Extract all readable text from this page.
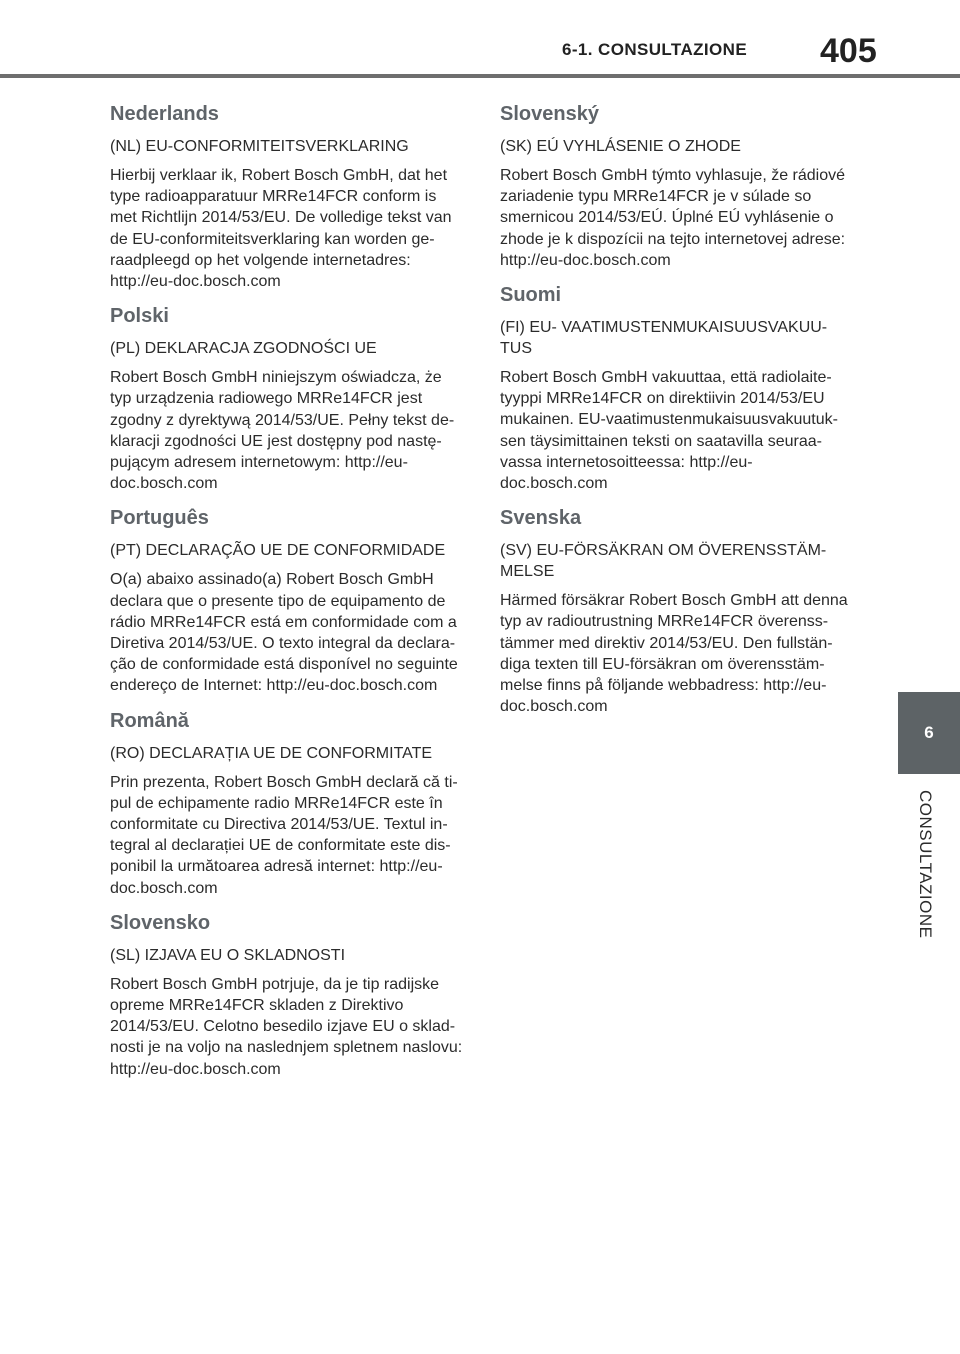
6-1. CONSULTAZIONE 405
Nederlands

(NL) EU-CONFORMITEITSVERKLARING

Hierbij verklaar ik, Robert Bosch GmbH, dat het
type radioapparatuur MRRe14FCR conform is
met Richtlijn 2014/53/EU. De volledige tekst van
de EU-conformiteitsverklaring kan worden ge-
raadpleegd op het volgende internetadres:
http://eu-doc.bosch.com

Polski

(PL) DEKLARACJA ZGODNOŚCI UE

Robert Bosch GmbH niniejszym oświadcza, że
typ urządzenia radiowego MRRe14FCR jest
zgodny z dyrektywą 2014/53/UE. Pełny tekst de-
klaracji zgodności UE jest dostępny pod nastę-
pującym adresem internetowym: http://eu-
doc.bosch.com

Português

(PT) DECLARAÇÃO UE DE CONFORMIDADE

O(a) abaixo assinado(a) Robert Bosch GmbH
declara que o presente tipo de equipamento de
rádio MRRe14FCR está em conformidade com a
Diretiva 2014/53/UE. O texto integral da declara-
ção de conformidade está disponível no seguinte
endereço de Internet: http://eu-doc.bosch.com

Română

(RO) DECLARAȚIA UE DE CONFORMITATE

Prin prezenta, Robert Bosch GmbH declară că ti-
pul de echipamente radio MRRe14FCR este în
conformitate cu Directiva 2014/53/UE. Textul in-
tegral al declarației UE de conformitate este dis-
ponibil la următoarea adresă internet: http://eu-
doc.bosch.com

Slovensko

(SL) IZJAVA EU O SKLADNOSTI

Robert Bosch GmbH potrjuje, da je tip radijske
opreme MRRe14FCR skladen z Direktivo
2014/53/EU. Celotno besedilo izjave EU o sklad-
nosti je na voljo na naslednjem spletnem naslovu:
http://eu-doc.bosch.com

Slovenský

(SK) EÚ VYHLÁSENIE O ZHODE

Robert Bosch GmbH týmto vyhlasuje, že rádiové
zariadenie typu MRRe14FCR je v súlade so
smernicou 2014/53/EÚ. Úplné EÚ vyhlásenie o
zhode je k dispozícii na tejto internetovej adrese:
http://eu-doc.bosch.com

Suomi

(FI) EU- VAATIMUSTENMUKAISUUSVAKUU-
TUS

Robert Bosch GmbH vakuuttaa, että radiolaite-
tyyppi MRRe14FCR on direktiivin 2014/53/EU
mukainen. EU-vaatimustenmukaisuusvakuutuk-
sen täysimittainen teksti on saatavilla seuraa-
vassa internetosoitteessa: http://eu-
doc.bosch.com

Svenska

(SV) EU-FÖRSÄKRAN OM ÖVERENSSTÄM-
MELSE

Härmed försäkrar Robert Bosch GmbH att denna
typ av radioutrustning MRRe14FCR överenss-
tämmer med direktiv 2014/53/EU. Den fullstän-
diga texten till EU-försäkran om överensstäm-
melse finns på följande webbadress: http://eu-
doc.bosch.com

6
CONSULTAZIONE
